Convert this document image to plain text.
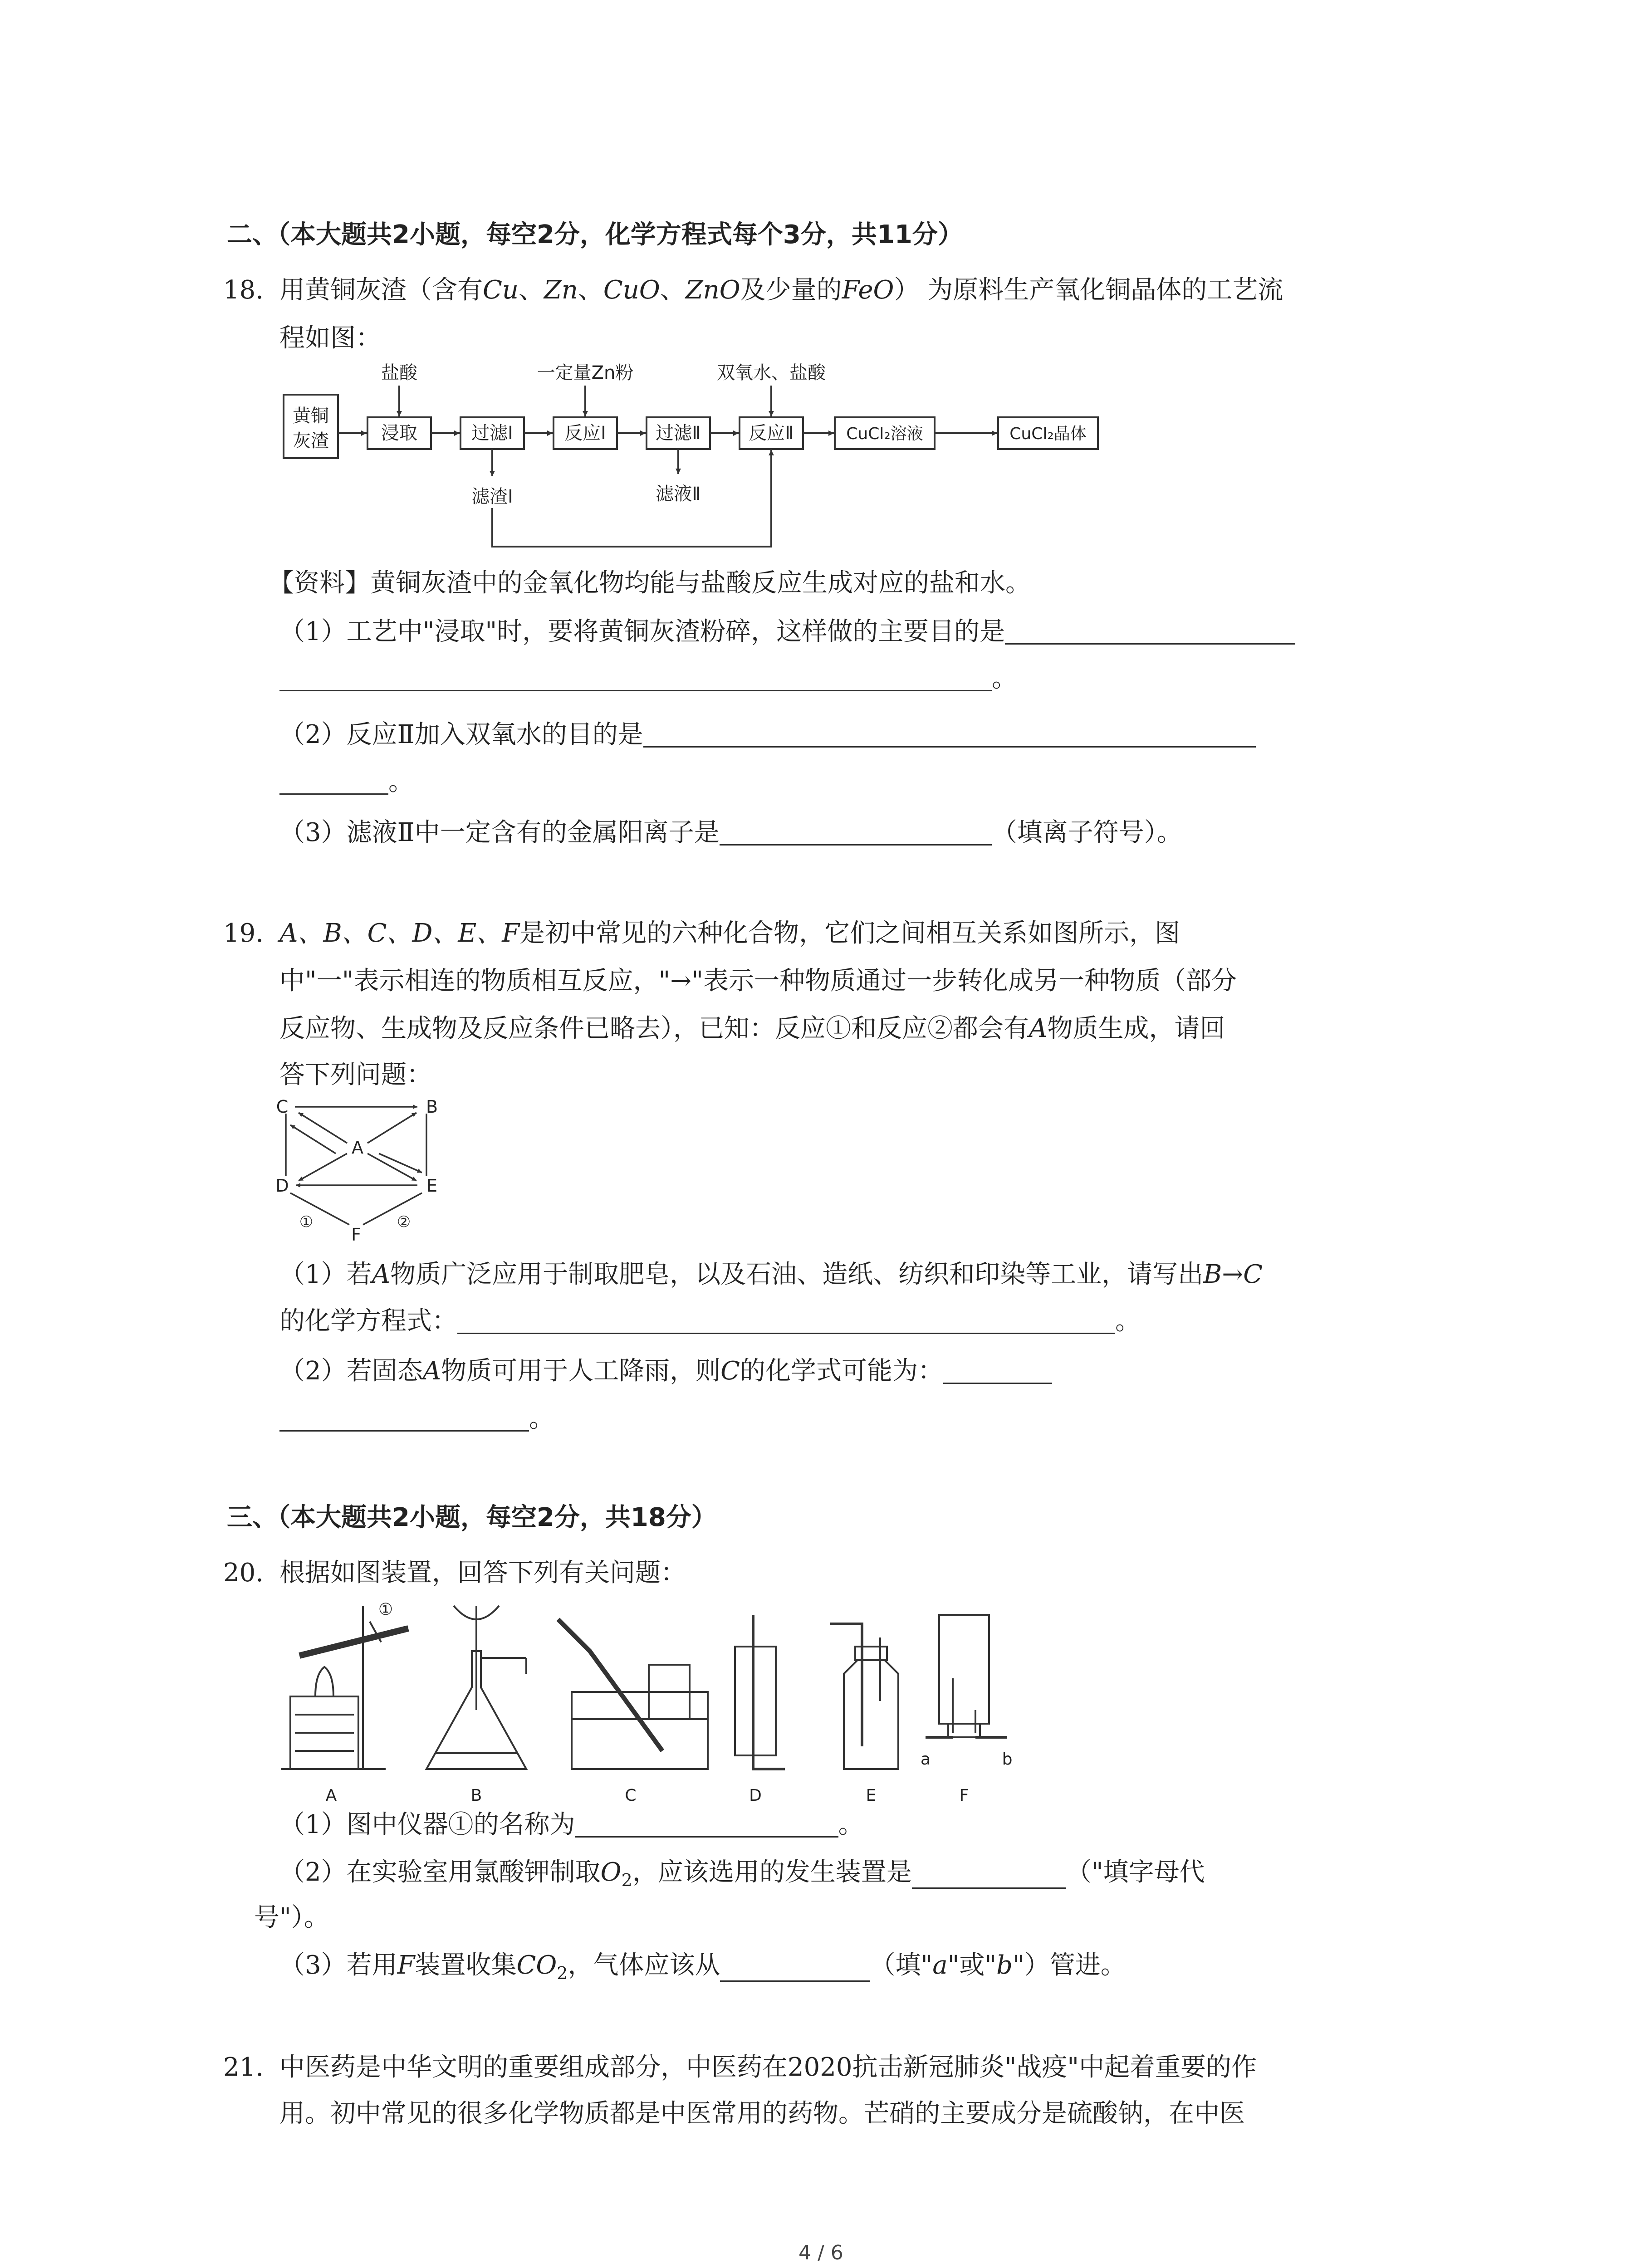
二、（本大题共2小题，每空2分，化学方程式每个3分，共11分）
18. 用黄铜灰渣（含有Cu、Zn、CuO、ZnO及少量的FeO） 为原料生产氧化铜晶体的工艺流
程如图：
黄铜
灰渣	浸取	过滤Ⅰ	反应Ⅰ	过滤Ⅱ	反应Ⅱ	CuCl₂溶液	CuCl₂晶体
盐酸	一定量Zn粉	双氧水、盐酸
滤渣Ⅰ	滤液Ⅱ
【资料】黄铜灰渣中的金氧化物均能与盐酸反应生成对应的盐和水。
（1）工艺中"浸取"时，要将黄铜灰渣粉碎，这样做的主要目的是
。
（2）反应Ⅱ加入双氧水的目的是
。
（3）滤液Ⅱ中一定含有的金属阳离子是	（填离子符号）。
19. A、B、C、D、E、F是初中常见的六种化合物，它们之间相互关系如图所示，图
中"一"表示相连的物质相互反应，"→"表示一种物质通过一步转化成另一种物质（部分
反应物、生成物及反应条件已略去），已知：反应①和反应②都会有A物质生成，请回
答下列问题：
C	B
A
D	E
F
①	②
（1）若A物质广泛应用于制取肥皂，以及石油、造纸、纺织和印染等工业，请写出B→C
的化学方程式：	。
（2）若固态A物质可用于人工降雨，则C的化学式可能为：
。
三、（本大题共2小题，每空2分，共18分）
20. 根据如图装置，回答下列有关问题：
A	B	C	D	E	F
a	b
①
（1）图中仪器①的名称为	。
（2）在实验室用氯酸钾制取$O_2$，应该选用的发生装置是	（"填字母代
号"）。
（3）若用F装置收集$CO_2$，气体应该从	（填"a"或"b"）管进。
21. 中医药是中华文明的重要组成部分，中医药在2020抗击新冠肺炎"战疫"中起着重要的作
用。初中常见的很多化学物质都是中医常用的药物。芒硝的主要成分是硫酸钠，在中医
4 / 6
